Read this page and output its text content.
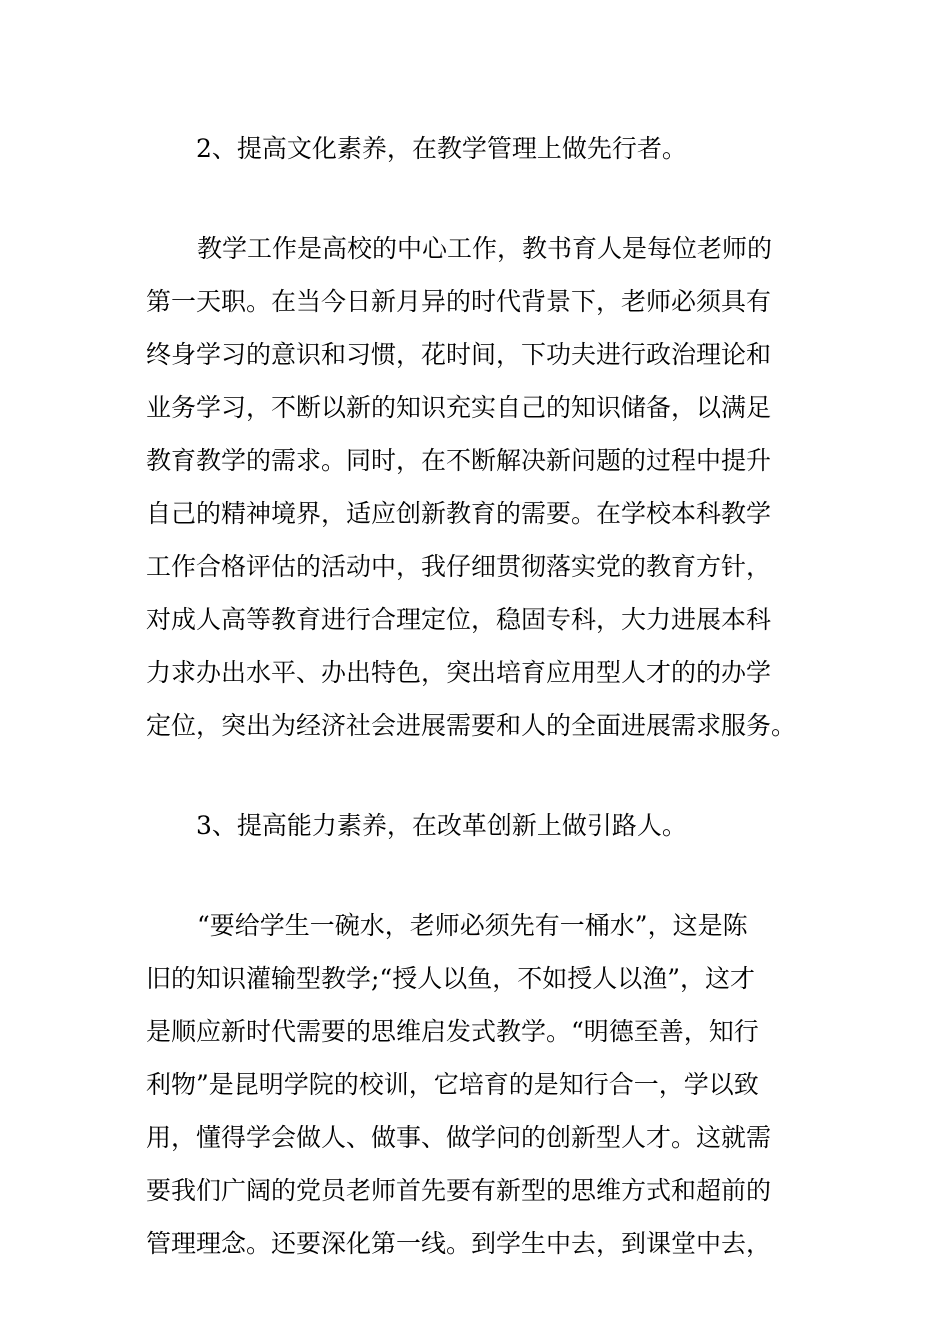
2、提高文化素养，在教学管理上做先行者。
教学工作是高校的中心工作，教书育人是每位老师的
第一天职。在当今日新月异的时代背景下，老师必须具有
终身学习的意识和习惯，花时间，下功夫进行政治理论和
业务学习，不断以新的知识充实自己的知识储备，以满足
教育教学的需求。同时，在不断解决新问题的过程中提升
自己的精神境界，适应创新教育的需要。在学校本科教学
工作合格评估的活动中，我仔细贯彻落实党的教育方针，
对成人高等教育进行合理定位，稳固专科，大力进展本科
力求办出水平、办出特色，突出培育应用型人才的的办学
定位，突出为经济社会进展需要和人的全面进展需求服务。
3、提高能力素养，在改革创新上做引路人。
“要给学生一碗水，老师必须先有一桶水”，这是陈
旧的知识灌输型教学;“授人以鱼，不如授人以渔”，这才
是顺应新时代需要的思维启发式教学。“明德至善，知行
利物”是昆明学院的校训，它培育的是知行合一，学以致
用，懂得学会做人、做事、做学问的创新型人才。这就需
要我们广阔的党员老师首先要有新型的思维方式和超前的
管理理念。还要深化第一线。到学生中去，到课堂中去，
